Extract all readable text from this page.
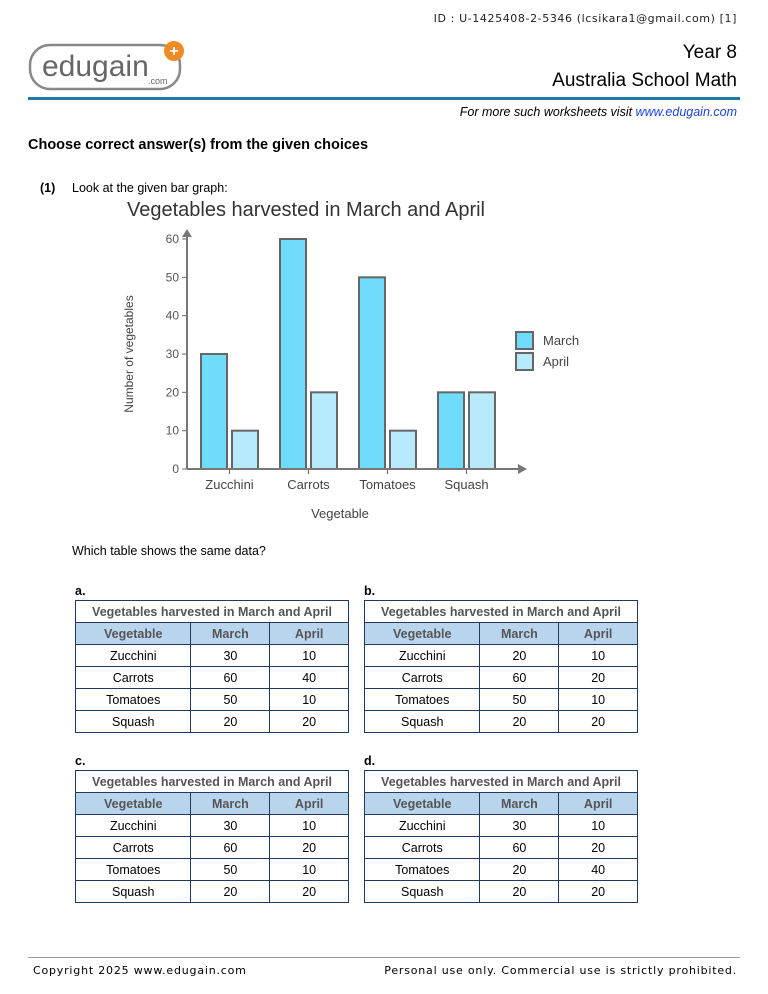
ID : U-1425408-2-5346 (lcsikara1@gmail.com) [1]
edugain .com
+	Year 8
Australia School Math
For more such worksheets visit www.edugain.com
Choose correct answer(s) from the given choices
(1) Look at the given bar graph:
Vegetables harvested in March and April
0
10
20
30
40
50
60
Number of vegetables
Zucchini	Carrots Tomatoes Squash
Vegetable
March
April
Which table shows the same data?
a.
Vegetables harvested in March and April		
Vegetable	March	April
Zucchini	30	10
Carrots	60	40
Tomatoes	50	10
Squash	20	20
b.
Vegetables harvested in March and April		
Vegetable	March	April
Zucchini	20	10
Carrots	60	20
Tomatoes	50	10
Squash	20	20
c.
Vegetables harvested in March and April		
Vegetable	March	April
Zucchini	30	10
Carrots	60	20
Tomatoes	50	10
Squash	20	20
d.
Vegetables harvested in March and April		
Vegetable	March	April
Zucchini	30	10
Carrots	60	20
Tomatoes	20	40
Squash	20	20
Copyright 2025 www.edugain.com	Personal use only. Commercial use is strictly prohibited.
